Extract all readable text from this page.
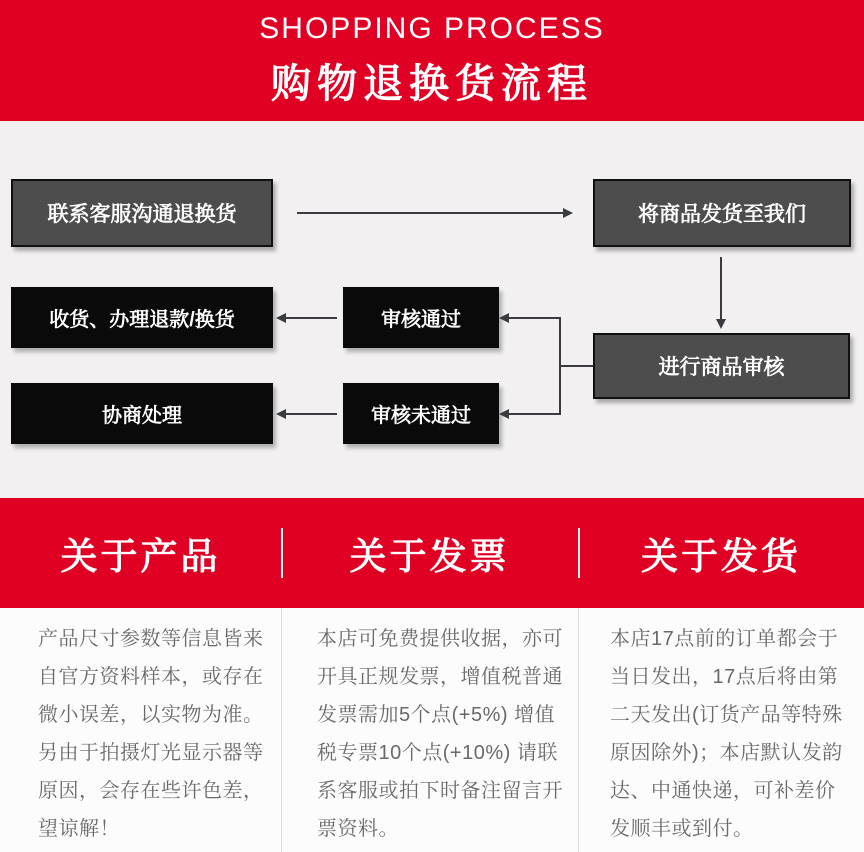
SHOPPING PROCESS
购物退换货流程
联系客服沟通退换货	将商品发货至我们
进行商品审核
审核通过
收货、办理退款/换货
审核未通过
协商处理
关于产品	关于发票	关于发货
产品尺寸参数等信息皆来自官方资料样本，或存在微小误差，以实物为准。另由于拍摄灯光显示器等原因，会存在些许色差，望谅解！
本店可免费提供收据，亦可开具正规发票，增值税普通发票需加5个点(+5%) 增值税专票10个点(+10%) 请联系客服或拍下时备注留言开票资料。
本店17点前的订单都会于当日发出，17点后将由第二天发出(订货产品等特殊原因除外)；本店默认发韵达、中通快递，可补差价发顺丰或到付。
